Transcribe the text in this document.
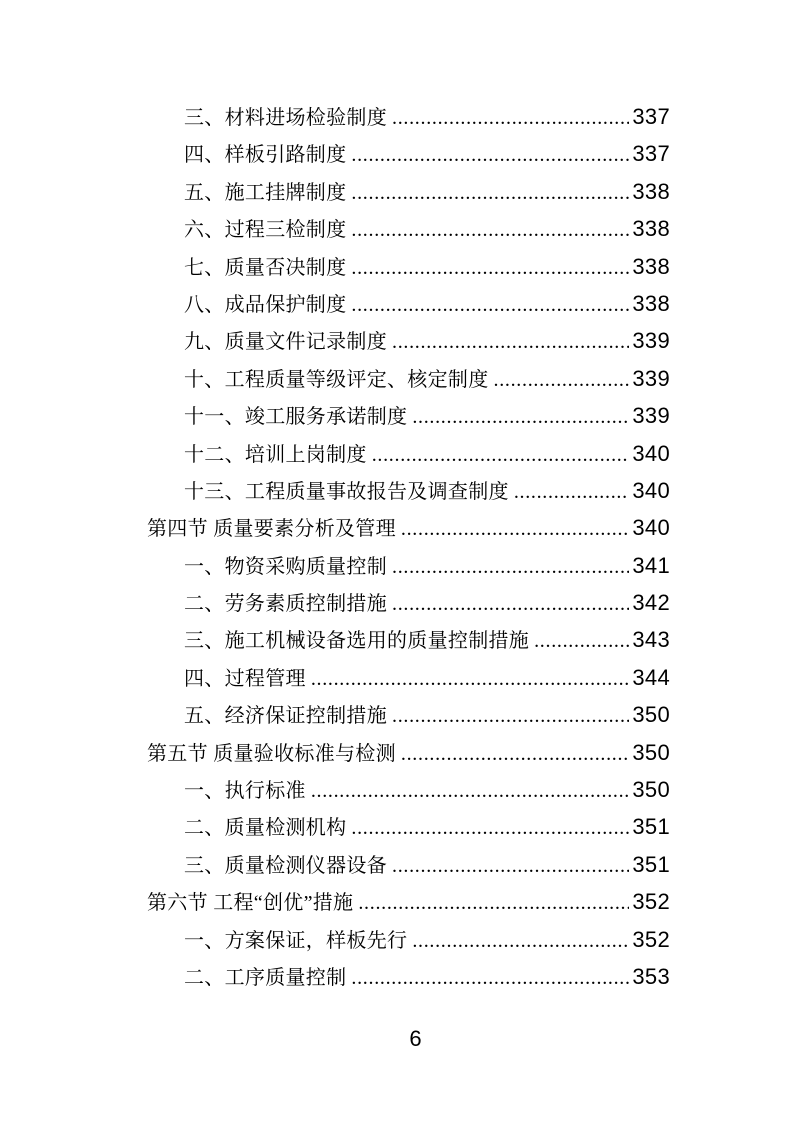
三、材料进场检验制度 .....	337
四、样板引路制度 .....	337
五、施工挂牌制度 .....	338
六、过程三检制度 .....	338
七、质量否决制度 .....	338
八、成品保护制度 .....	338
九、质量文件记录制度 .....	339
十、工程质量等级评定、核定制度 .....	339
十一、竣工服务承诺制度 .....	339
十二、培训上岗制度 .....	340
十三、工程质量事故报告及调查制度 .....	340
第四节 质量要素分析及管理 .....	340
一、物资采购质量控制 .....	341
二、劳务素质控制措施 .....	342
三、施工机械设备选用的质量控制措施 .....	343
四、过程管理 .....	344
五、经济保证控制措施 .....	350
第五节 质量验收标准与检测 .....	350
一、执行标准 .....	350
二、质量检测机构 .....	351
三、质量检测仪器设备 .....	351
第六节 工程“创优”措施 .....	352
一、方案保证，样板先行 .....	352
二、工序质量控制 .....	353
6
